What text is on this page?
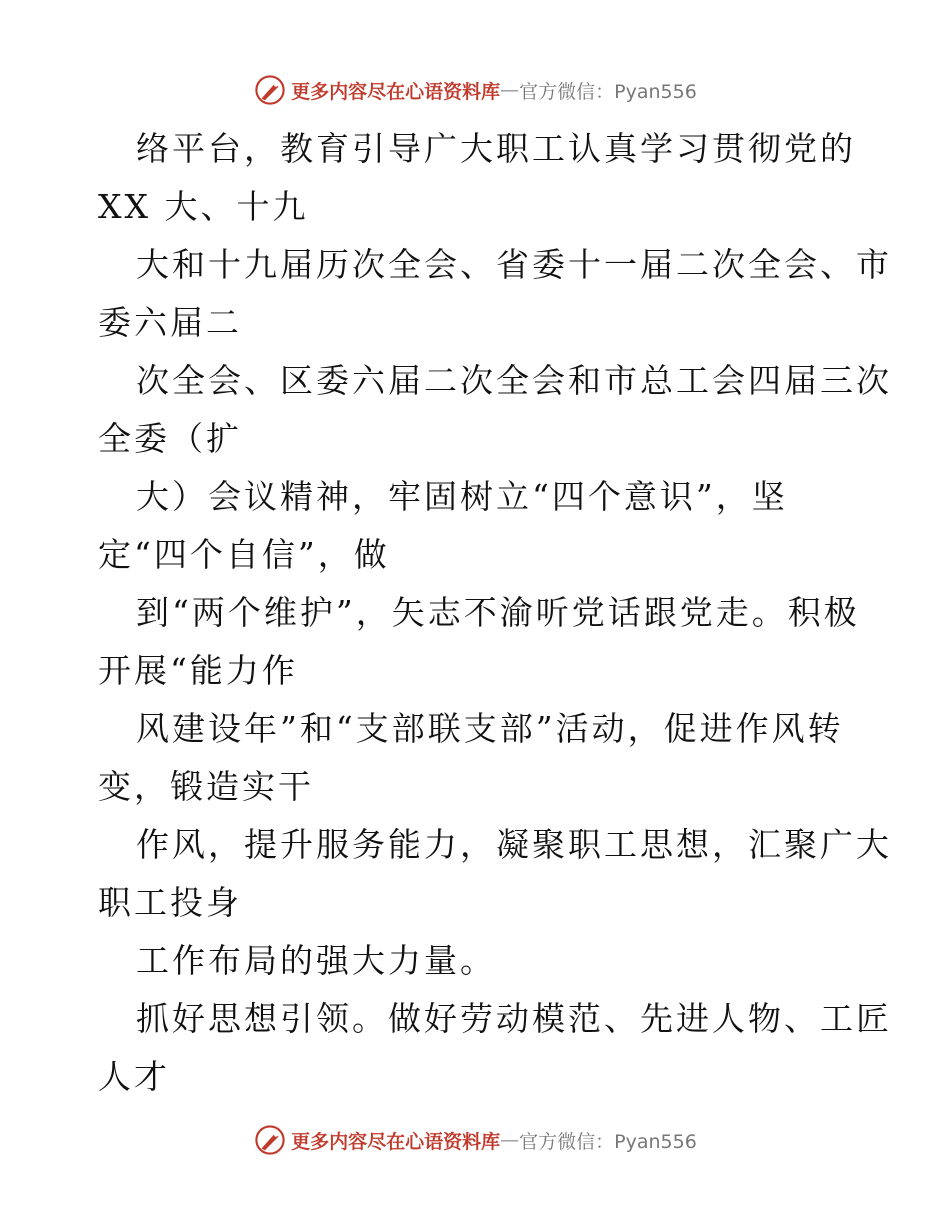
更多内容尽在心语资料库 — 官方微信：Pyan556
络平台，教育引导广大职工认真学习贯彻党的
XX 大、十九
大和十九届历次全会、省委十一届二次全会、市
委六届二
次全会、区委六届二次全会和市总工会四届三次
全委（扩
大）会议精神，牢固树立“四个意识”，坚
定“四个自信”，做
到“两个维护”，矢志不渝听党话跟党走。积极
开展“能力作
风建设年”和“支部联支部”活动，促进作风转
变，锻造实干
作风，提升服务能力，凝聚职工思想，汇聚广大
职工投身
工作布局的强大力量。
抓好思想引领。做好劳动模范、先进人物、工匠
人才
更多内容尽在心语资料库 — 官方微信：Pyan556
